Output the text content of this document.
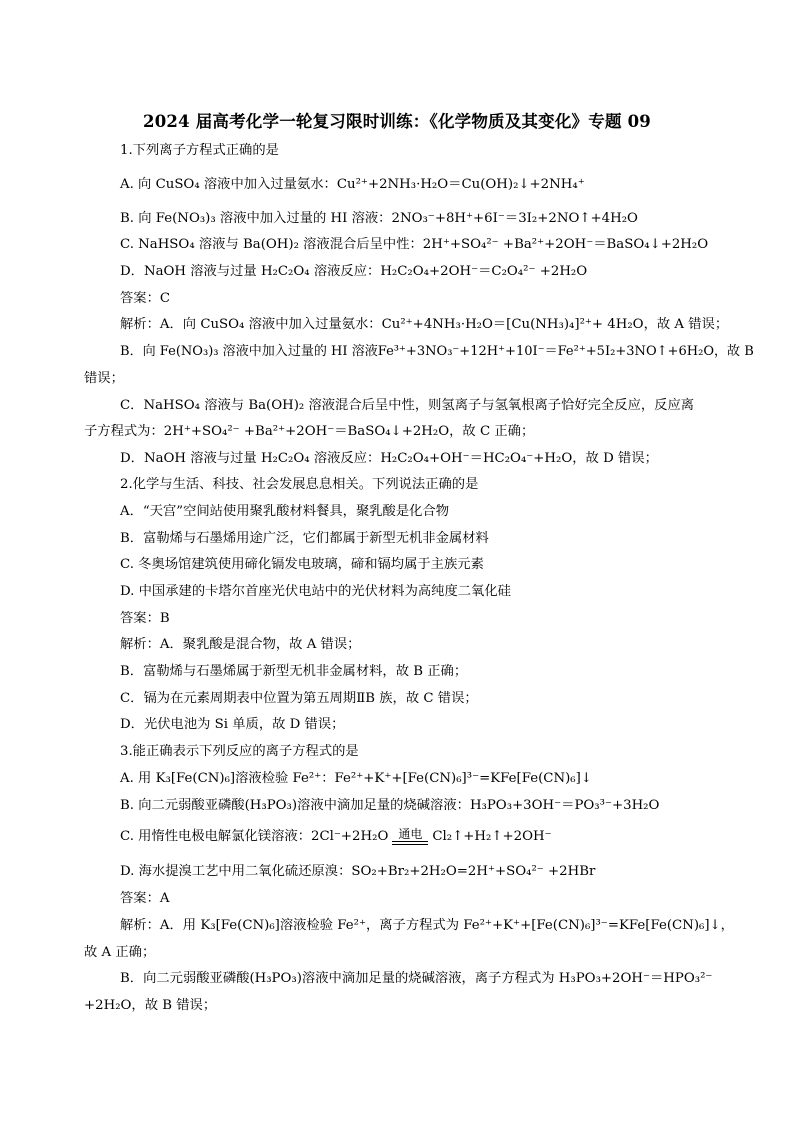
2024 届高考化学一轮复习限时训练：《化学物质及其变化》专题 09
1.下列离子方程式正确的是
A. 向 CuSO₄ 溶液中加入过量氨水：Cu²⁺+2NH₃·H₂O＝Cu(OH)₂↓+2NH₄⁺
B. 向 Fe(NO₃)₃ 溶液中加入过量的 HI 溶液：2NO₃⁻+8H⁺+6I⁻＝3I₂+2NO↑+4H₂O
C. NaHSO₄ 溶液与 Ba(OH)₂ 溶液混合后呈中性：2H⁺+SO₄²⁻ +Ba²⁺+2OH⁻＝BaSO₄↓+2H₂O
D．NaOH 溶液与过量 H₂C₂O₄ 溶液反应：H₂C₂O₄+2OH⁻＝C₂O₄²⁻ +2H₂O
答案：C
解析：A．向 CuSO₄ 溶液中加入过量氨水：Cu²⁺+4NH₃·H₂O＝[Cu(NH₃)₄]²⁺+ 4H₂O，故 A 错误；
B．向 Fe(NO₃)₃ 溶液中加入过量的 HI 溶液Fe³⁺+3NO₃⁻+12H⁺+10I⁻＝Fe²⁺+5I₂+3NO↑+6H₂O，故 B
错误；
C．NaHSO₄ 溶液与 Ba(OH)₂ 溶液混合后呈中性，则氢离子与氢氧根离子恰好完全反应，反应离
子方程式为：2H⁺+SO₄²⁻ +Ba²⁺+2OH⁻＝BaSO₄↓+2H₂O，故 C 正确；
D．NaOH 溶液与过量 H₂C₂O₄ 溶液反应：H₂C₂O₄+OH⁻＝HC₂O₄⁻+H₂O，故 D 错误；
2.化学与生活、科技、社会发展息息相关。下列说法正确的是
A．“天宫”空间站使用聚乳酸材料餐具，聚乳酸是化合物
B．富勒烯与石墨烯用途广泛，它们都属于新型无机非金属材料
C. 冬奥场馆建筑使用碲化镉发电玻璃，碲和镉均属于主族元素
D. 中国承建的卡塔尔首座光伏电站中的光伏材料为高纯度二氧化硅
答案：B
解析：A．聚乳酸是混合物，故 A 错误；
B．富勒烯与石墨烯属于新型无机非金属材料，故 B 正确；
C．镉为在元素周期表中位置为第五周期ⅡB 族，故 C 错误；
D．光伏电池为 Si 单质，故 D 错误；
3.能正确表示下列反应的离子方程式的是
A. 用 K₃[Fe(CN)₆]溶液检验 Fe²⁺：Fe²⁺+K⁺+[Fe(CN)₆]³⁻=KFe[Fe(CN)₆]↓
B. 向二元弱酸亚磷酸(H₃PO₃)溶液中滴加足量的烧碱溶液：H₃PO₃+3OH⁻＝PO₃³⁻+3H₂O
C. 用惰性电极电解氯化镁溶液：2Cl⁻+2H₂O 通电 Cl₂↑+H₂↑+2OH⁻
D. 海水提溴工艺中用二氧化硫还原溴：SO₂+Br₂+2H₂O=2H⁺+SO₄²⁻ +2HBr
答案：A
解析：A．用 K₃[Fe(CN)₆]溶液检验 Fe²⁺，离子方程式为 Fe²⁺+K⁺+[Fe(CN)₆]³⁻=KFe[Fe(CN)₆]↓，
故 A 正确；
B．向二元弱酸亚磷酸(H₃PO₃)溶液中滴加足量的烧碱溶液，离子方程式为 H₃PO₃+2OH⁻＝HPO₃²⁻
+2H₂O，故 B 错误；
